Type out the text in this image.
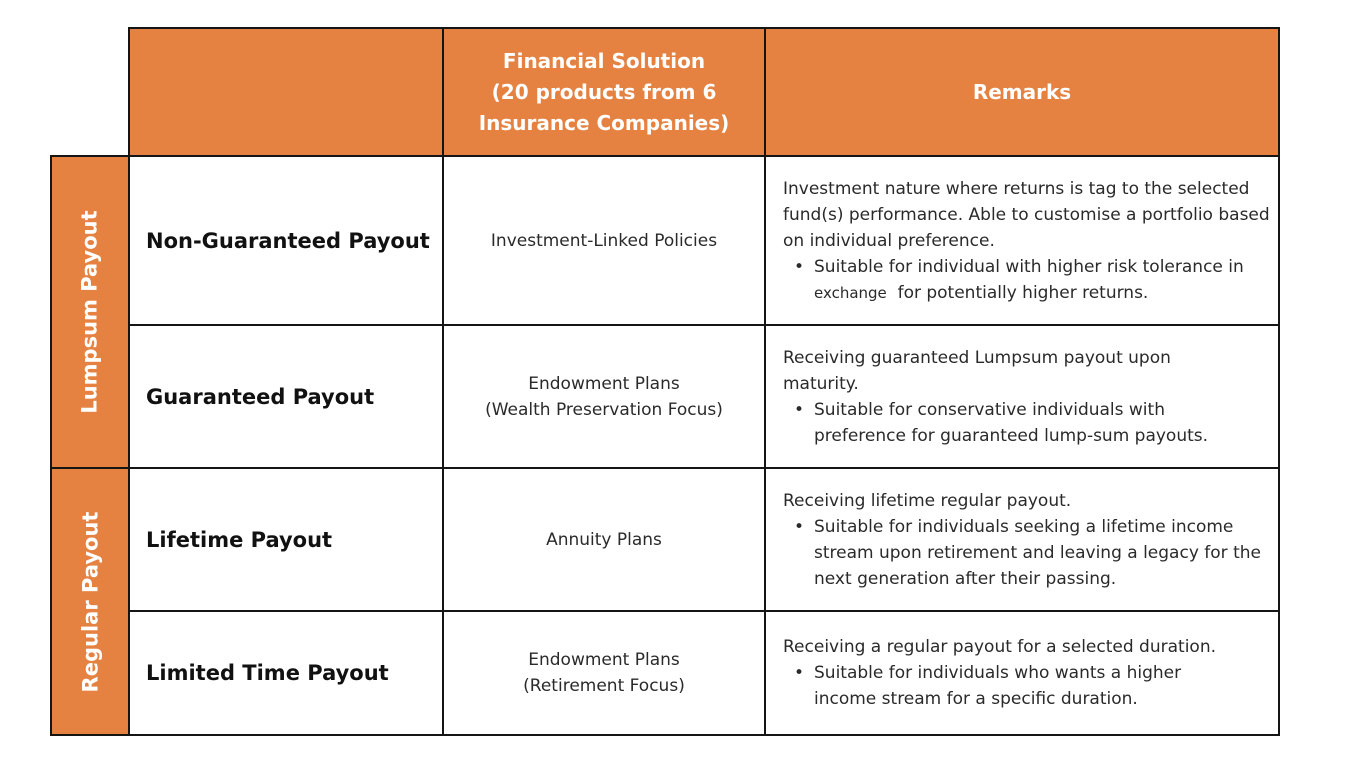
Financial Solution
(20 products from 6
Insurance Companies)
Remarks
Lumpsum Payout
Regular Payout
Non-Guaranteed Payout	Investment-Linked Policies
Investment nature where returns is tag to the selected fund(s) performance. Able to customise a portfolio based on individual preference.
• Suitable for individual with higher risk tolerance in
exchange  for potentially higher returns.
Guaranteed Payout
Endowment Plans
(Wealth Preservation Focus)
Receiving guaranteed Lumpsum payout upon maturity.
• Suitable for conservative individuals with preference for guaranteed lump-sum payouts.
Lifetime Payout	Annuity Plans
Receiving lifetime regular payout.
• Suitable for individuals seeking a lifetime income stream upon retirement and leaving a legacy for the next generation after their passing.
Limited Time Payout
Endowment Plans
(Retirement Focus)
Receiving a regular payout for a selected duration.
• Suitable for individuals who wants a higher income stream for a specific duration.
